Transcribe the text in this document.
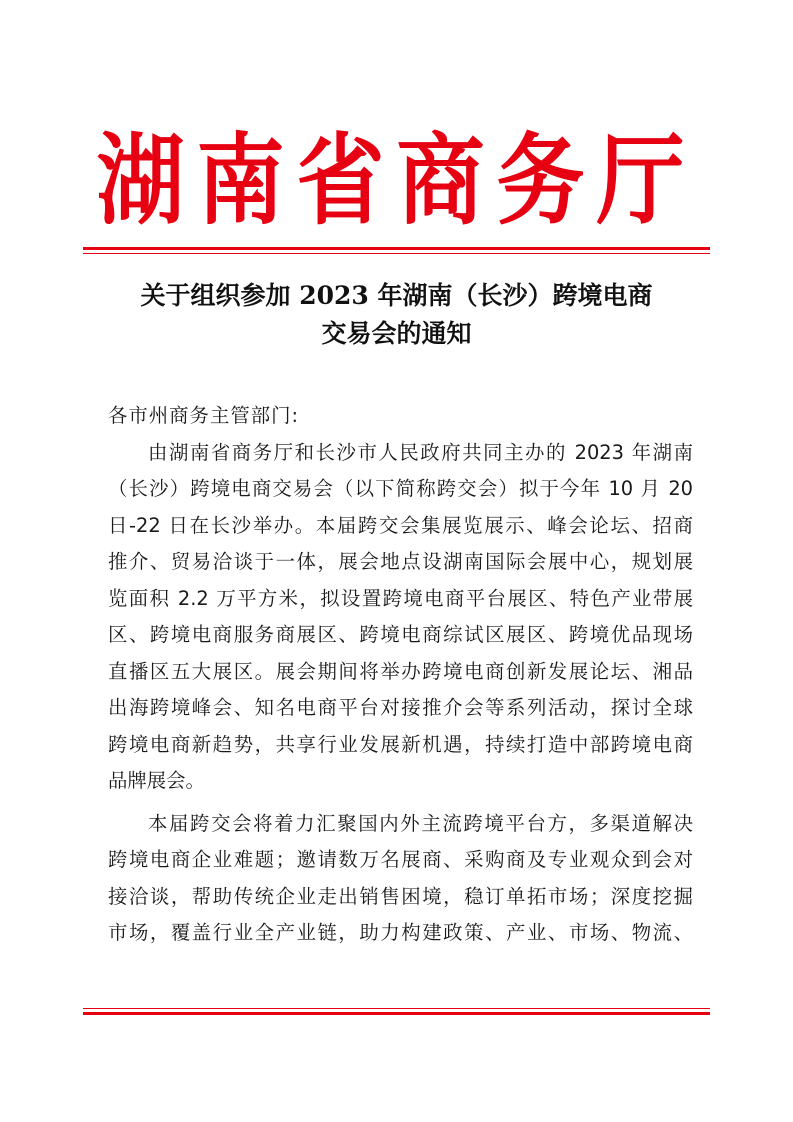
湖南省商务厅
关于组织参加 2023 年湖南（长沙）跨境电商
交易会的通知

各市州商务主管部门:

由湖南省商务厅和长沙市人民政府共同主办的 2023 年湖南
（长沙）跨境电商交易会（以下简称跨交会）拟于今年 10 月 20
日-22 日在长沙举办。本届跨交会集展览展示、峰会论坛、招商
推介、贸易洽谈于一体，展会地点设湖南国际会展中心，规划展
览面积 2.2 万平方米，拟设置跨境电商平台展区、特色产业带展
区、跨境电商服务商展区、跨境电商综试区展区、跨境优品现场
直播区五大展区。展会期间将举办跨境电商创新发展论坛、湘品
出海跨境峰会、知名电商平台对接推介会等系列活动，探讨全球
跨境电商新趋势，共享行业发展新机遇，持续打造中部跨境电商
品牌展会。

本届跨交会将着力汇聚国内外主流跨境平台方，多渠道解决
跨境电商企业难题；邀请数万名展商、采购商及专业观众到会对
接洽谈，帮助传统企业走出销售困境，稳订单拓市场；深度挖掘
市场，覆盖行业全产业链，助力构建政策、产业、市场、物流、
